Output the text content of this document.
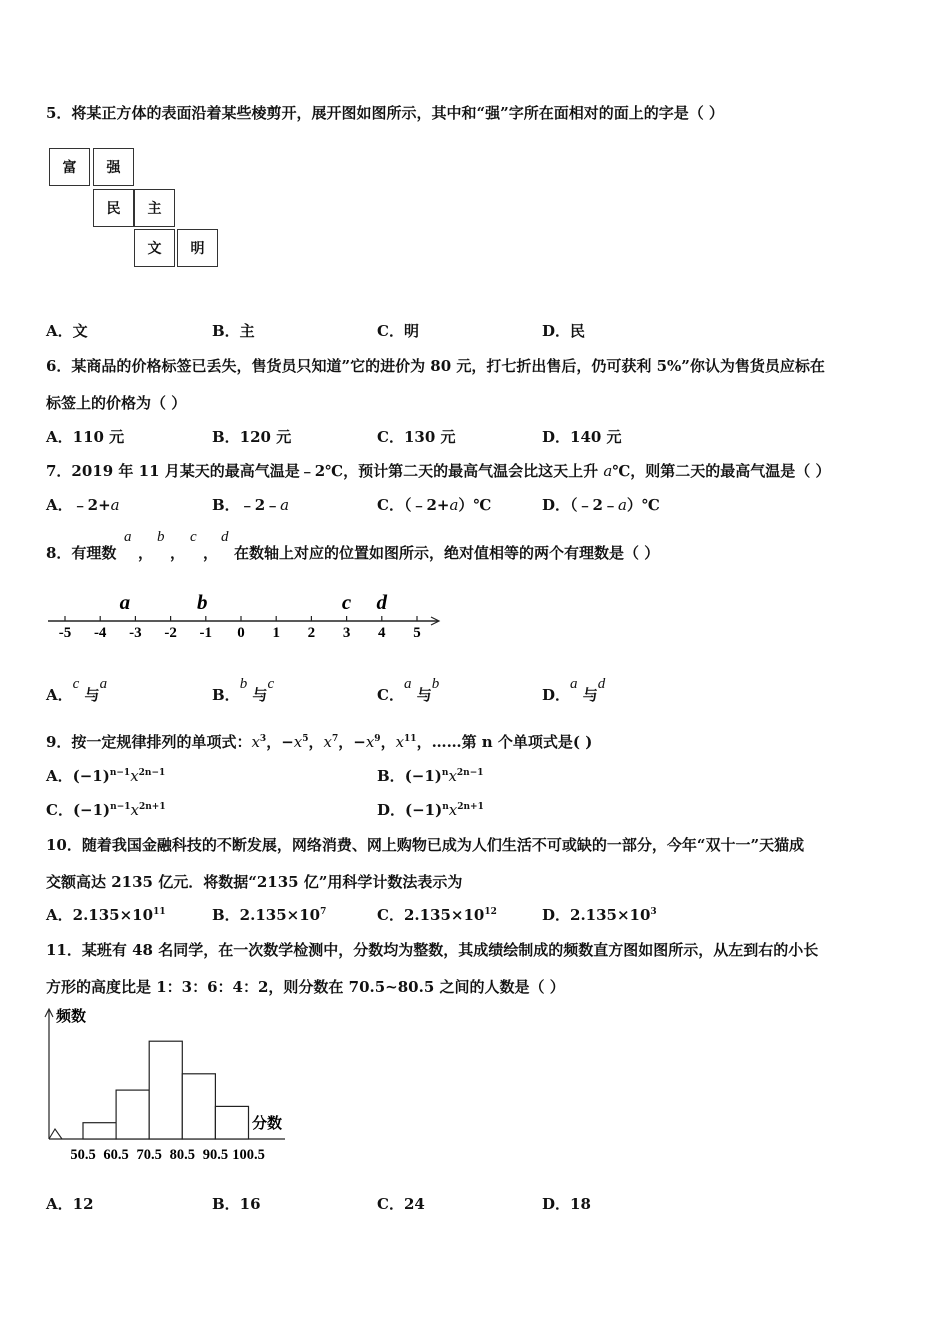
5．将某正方体的表面沿着某些棱剪开，展开图如图所示，其中和“强”字所在面相对的面上的字是（ ）
富	强
民	主
文	明
A．文	B．主	C．明	D．民
6．某商品的价格标签已丢失，售货员只知道”它的进价为 80 元，打七折出售后，仍可获利 5%”你认为售货员应标在
标签上的价格为（ ）
A．110 元	B．120 元	C．130 元	D．140 元
7．2019 年 11 月某天的最高气温是﹣2℃，预计第二天的最高气温会比这天上升 a℃，则第二天的最高气温是（ ）
A．﹣2+a	B．﹣2﹣a	C．（﹣2+a）℃	D．（﹣2﹣a）℃
8．有理数
a
，
b
，
c
，
d
在数轴上对应的位置如图所示，绝对值相等的两个有理数是（ ）
-5 -4 -3 -2 -1 0 1 2 3 4 5
a	b	c d
A．c 与a
B．b 与c
C．a 与b
D．a 与d
9．按一定规律排列的单项式：$x^3$，$-x^5$，$x^7$，$-x^9$，$x^{11}$，……第 n 个单项式是( )
A．$(-1)^{n-1}x^{2n-1}$	B．$(-1)^nx^{2n-1}$
C．$(-1)^{n-1}x^{2n+1}$	D．$(-1)^nx^{2n+1}$
10．随着我国金融科技的不断发展，网络消费、网上购物已成为人们生活不可或缺的一部分，今年“双十一”天猫成
交额高达 2135 亿元．将数据“2135 亿”用科学计数法表示为
A．$2.135\times 10^{11}$	B．$2.135\times 10^7$	C．$2.135\times 10^{12}$	D．$2.135\times 10^3$
11．某班有 48 名同学，在一次数学检测中，分数均为整数，其成绩绘制成的频数直方图如图所示，从左到右的小长
方形的高度比是 1：3：6：4：2，则分数在 70.5~80.5 之间的人数是（ ）
频数
分数
50.5 60.5 70.5 80.5 90.5 100.5
A．12	B．16	C．24	D．18
